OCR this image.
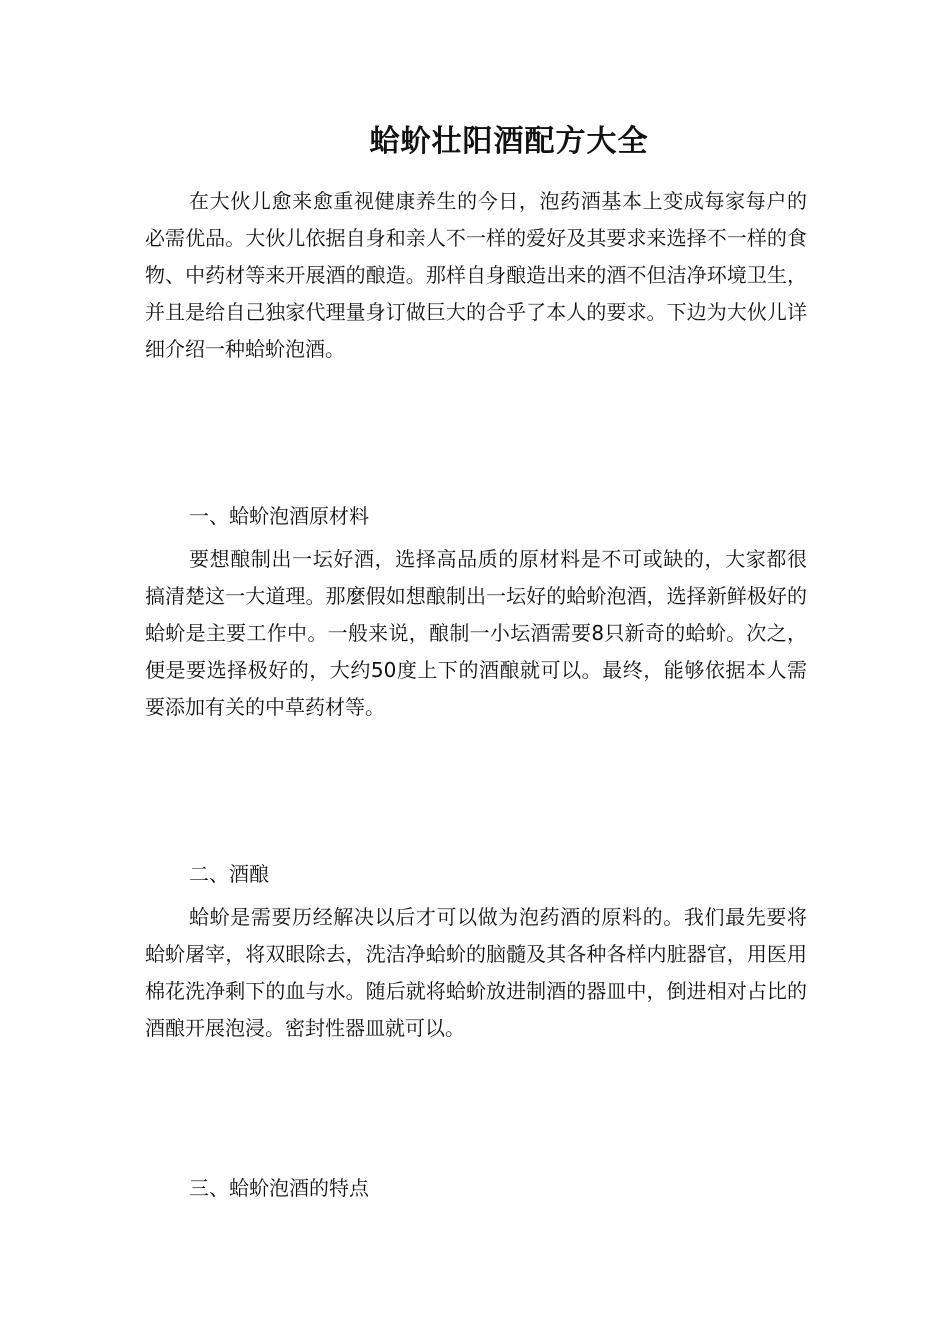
蛤蚧壮阳酒配方大全

在大伙儿愈来愈重视健康养生的今日，泡药酒基本上变成每家每户的必需优品。大伙儿依据自身和亲人不一样的爱好及其要求来选择不一样的食物、中药材等来开展酒的酿造。那样自身酿造出来的酒不但洁净环境卫生，并且是给自己独家代理量身订做巨大的合乎了本人的要求。下边为大伙儿详细介绍一种蛤蚧泡酒。

一、蛤蚧泡酒原材料

要想酿制出一坛好酒，选择高品质的原材料是不可或缺的，大家都很搞清楚这一大道理。那麼假如想酿制出一坛好的蛤蚧泡酒，选择新鲜极好的蛤蚧是主要工作中。一般来说，酿制一小坛酒需要8只新奇的蛤蚧。次之，便是要选择极好的，大约50度上下的酒酿就可以。最终，能够依据本人需要添加有关的中草药材等。

二、酒酿

蛤蚧是需要历经解决以后才可以做为泡药酒的原料的。我们最先要将蛤蚧屠宰，将双眼除去，洗洁净蛤蚧的脑髓及其各种各样内脏器官，用医用棉花洗净剩下的血与水。随后就将蛤蚧放进制酒的器皿中，倒进相对占比的酒酿开展泡浸。密封性器皿就可以。

三、蛤蚧泡酒的特点
